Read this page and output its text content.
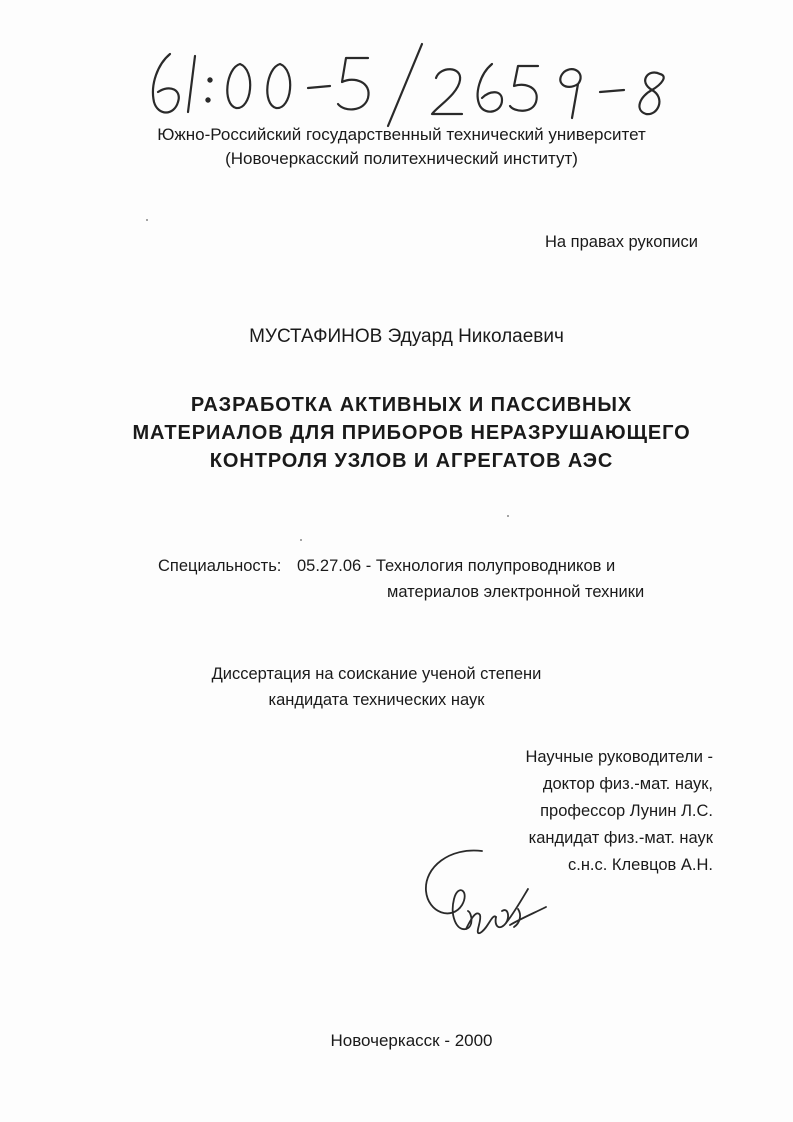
Южно-Российский государственный технический университет
(Новочеркасский политехнический институт)
На правах рукописи
МУСТАФИНОВ Эдуард Николаевич
РАЗРАБОТКА АКТИВНЫХ И ПАССИВНЫХ
МАТЕРИАЛОВ ДЛЯ ПРИБОРОВ НЕРАЗРУШАЮЩЕГО
КОНТРОЛЯ УЗЛОВ И АГРЕГАТОВ АЭС
Специальность: 05.27.06 - Технология полупроводников и
материалов электронной техники
Диссертация на соискание ученой степени
кандидата технических наук
Научные руководители -
доктор физ.-мат. наук,
профессор Лунин Л.С.
кандидат физ.-мат. наук
с.н.с. Клевцов А.Н.
Новочеркасск - 2000
